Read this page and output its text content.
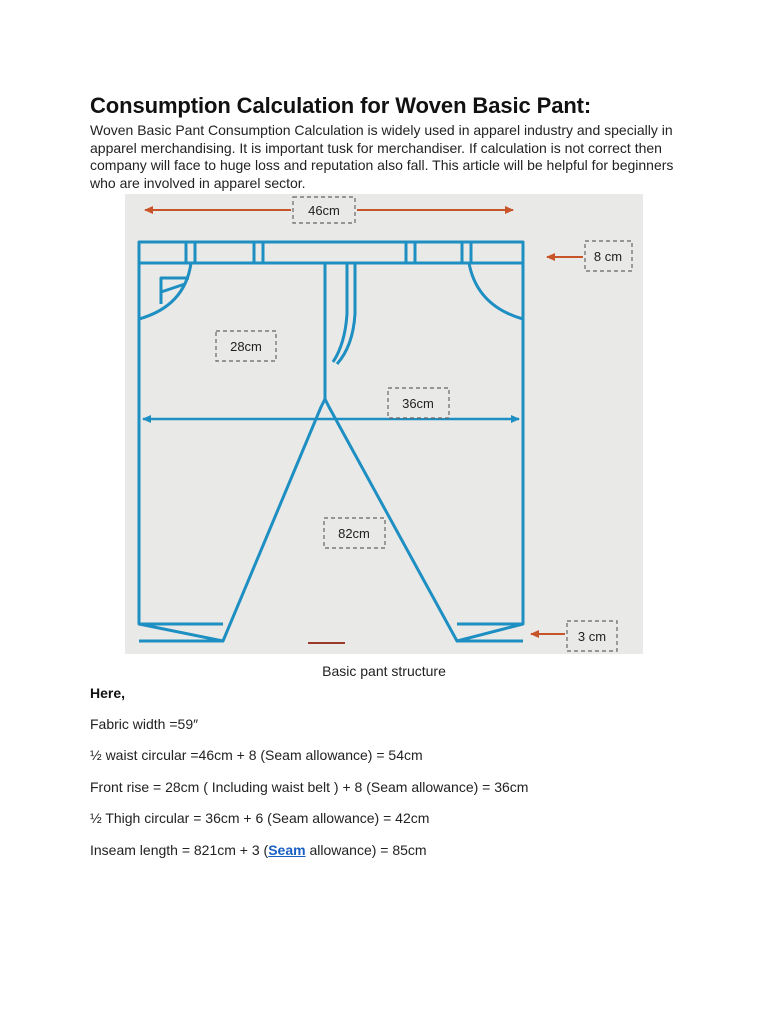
Consumption Calculation for Woven Basic Pant:

Woven Basic Pant Consumption Calculation is widely used in apparel industry and specially in apparel merchandising. It is important tusk for merchandiser. If calculation is not correct then company will face to huge loss and reputation also fall. This article will be helpful for beginners who are involved in apparel sector.

46cm
28cm
36cm
82cm
8 cm
3 cm
Basic pant structure
Here,
Fabric width =59″
½ waist circular =46cm + 8 (Seam allowance) = 54cm
Front rise = 28cm ( Including waist belt ) + 8 (Seam allowance) = 36cm
½ Thigh circular = 36cm + 6 (Seam allowance) = 42cm
Inseam length = 821cm + 3 (Seam allowance) = 85cm
